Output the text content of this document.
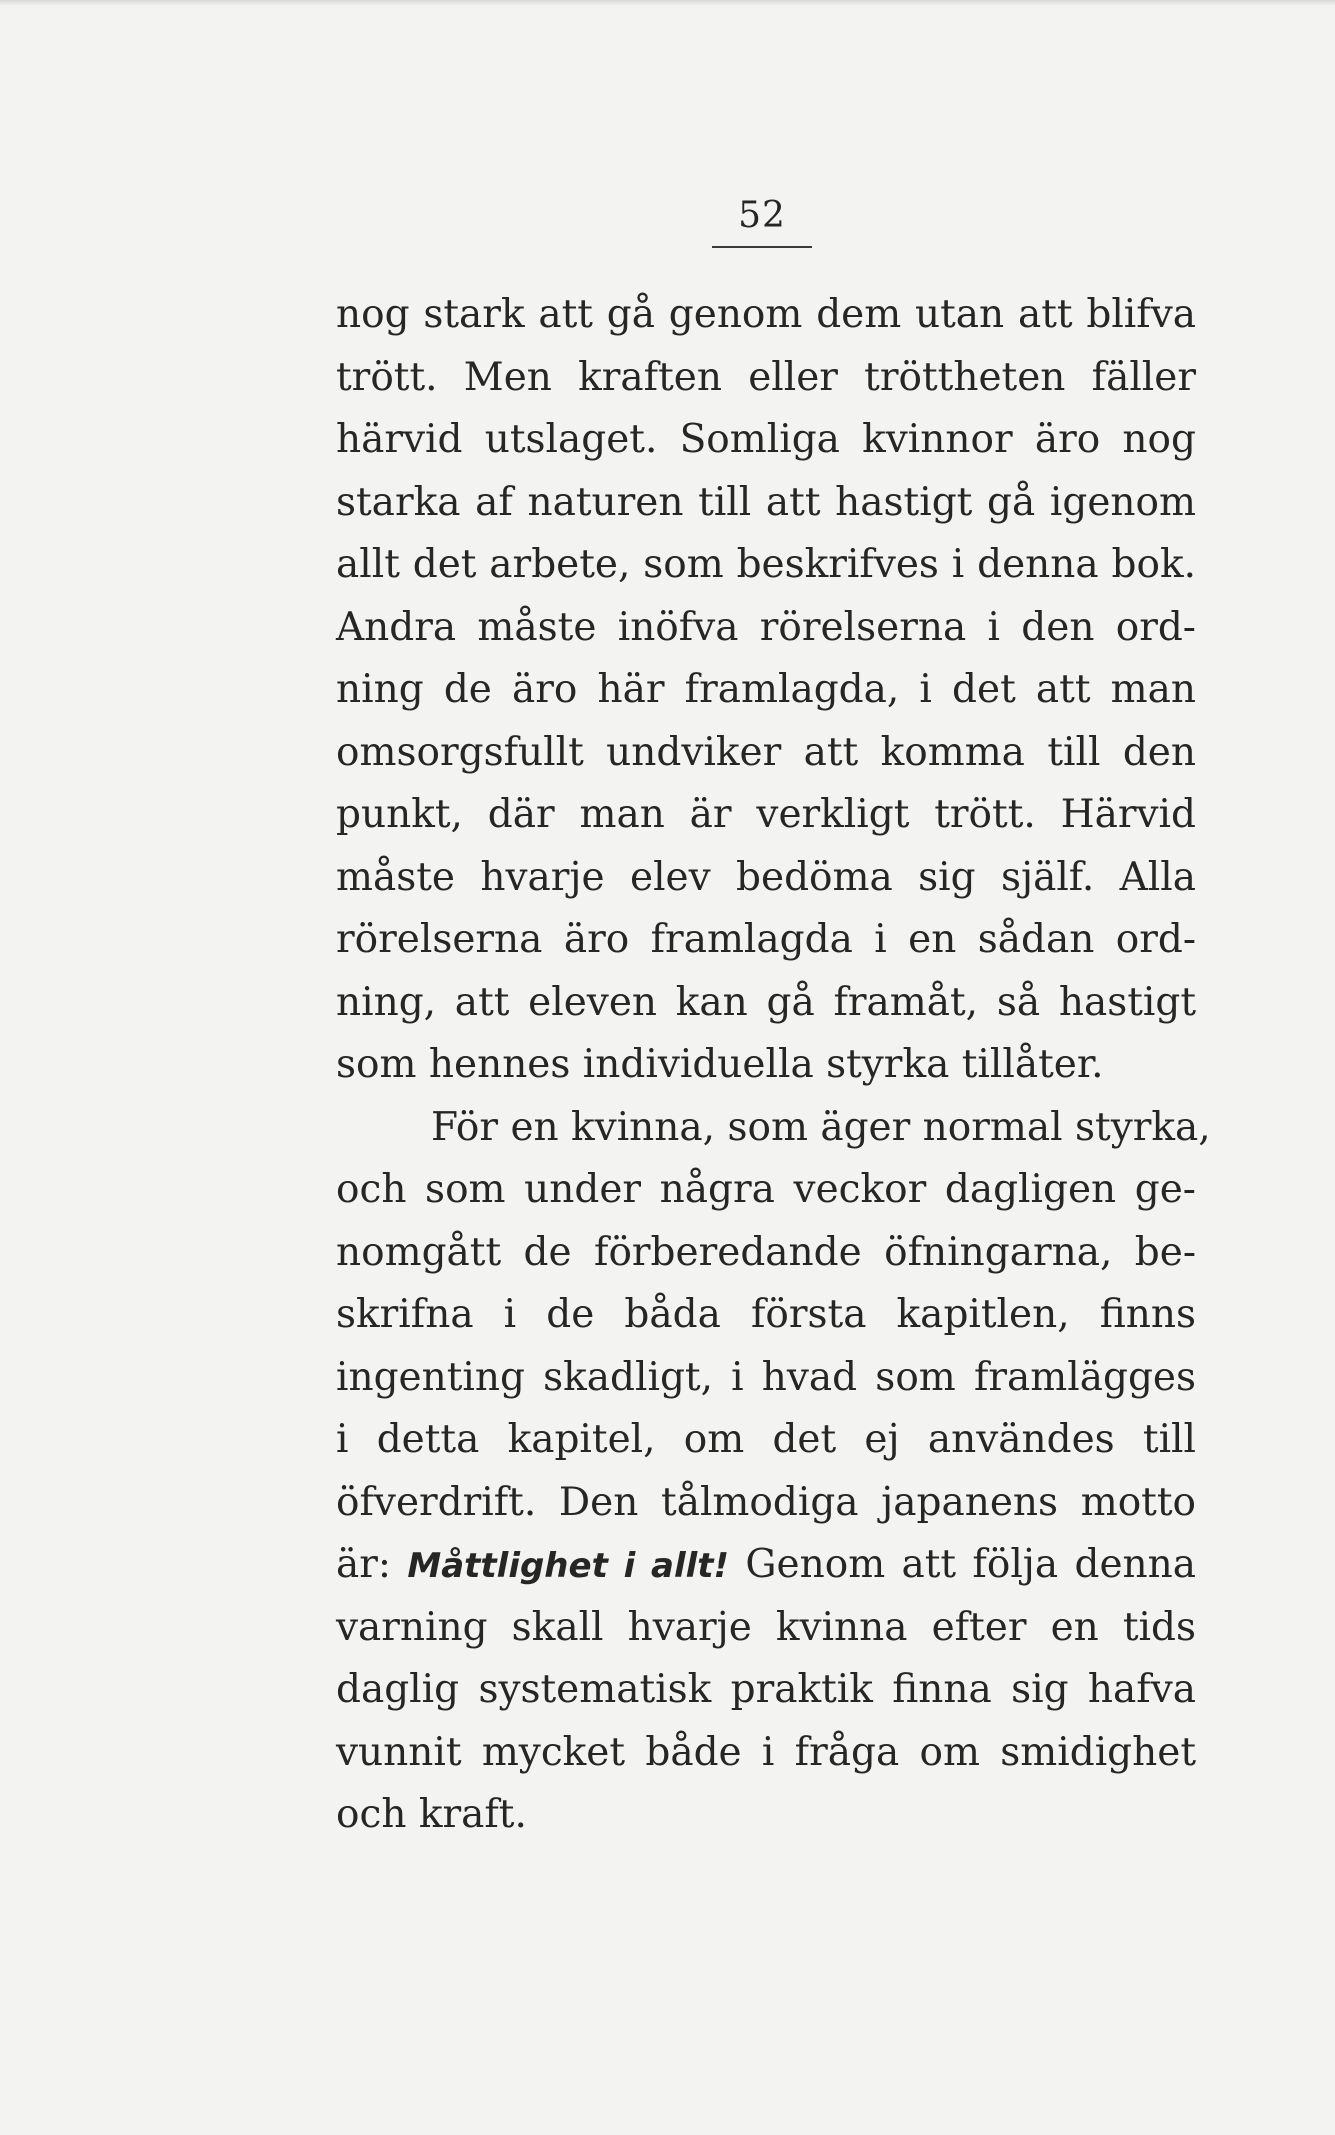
52
nog stark att gå genom dem utan att blifva
trött. Men kraften eller tröttheten fäller
härvid utslaget. Somliga kvinnor äro nog
starka af naturen till att hastigt gå igenom
allt det arbete, som beskrifves i denna bok.
Andra måste inöfva rörelserna i den ord-
ning de äro här framlagda, i det att man
omsorgsfullt undviker att komma till den
punkt, där man är verkligt trött. Härvid
måste hvarje elev bedöma sig själf. Alla
rörelserna äro framlagda i en sådan ord-
ning, att eleven kan gå framåt, så hastigt
som hennes individuella styrka tillåter.
För en kvinna, som äger normal styrka,
och som under några veckor dagligen ge-
nomgått de förberedande öfningarna, be-
skrifna i de båda första kapitlen, finns
ingenting skadligt, i hvad som framlägges
i detta kapitel, om det ej användes till
öfverdrift. Den tålmodiga japanens motto
är: Måttlighet i allt! Genom att följa denna
varning skall hvarje kvinna efter en tids
daglig systematisk praktik finna sig hafva
vunnit mycket både i fråga om smidighet
och kraft.
